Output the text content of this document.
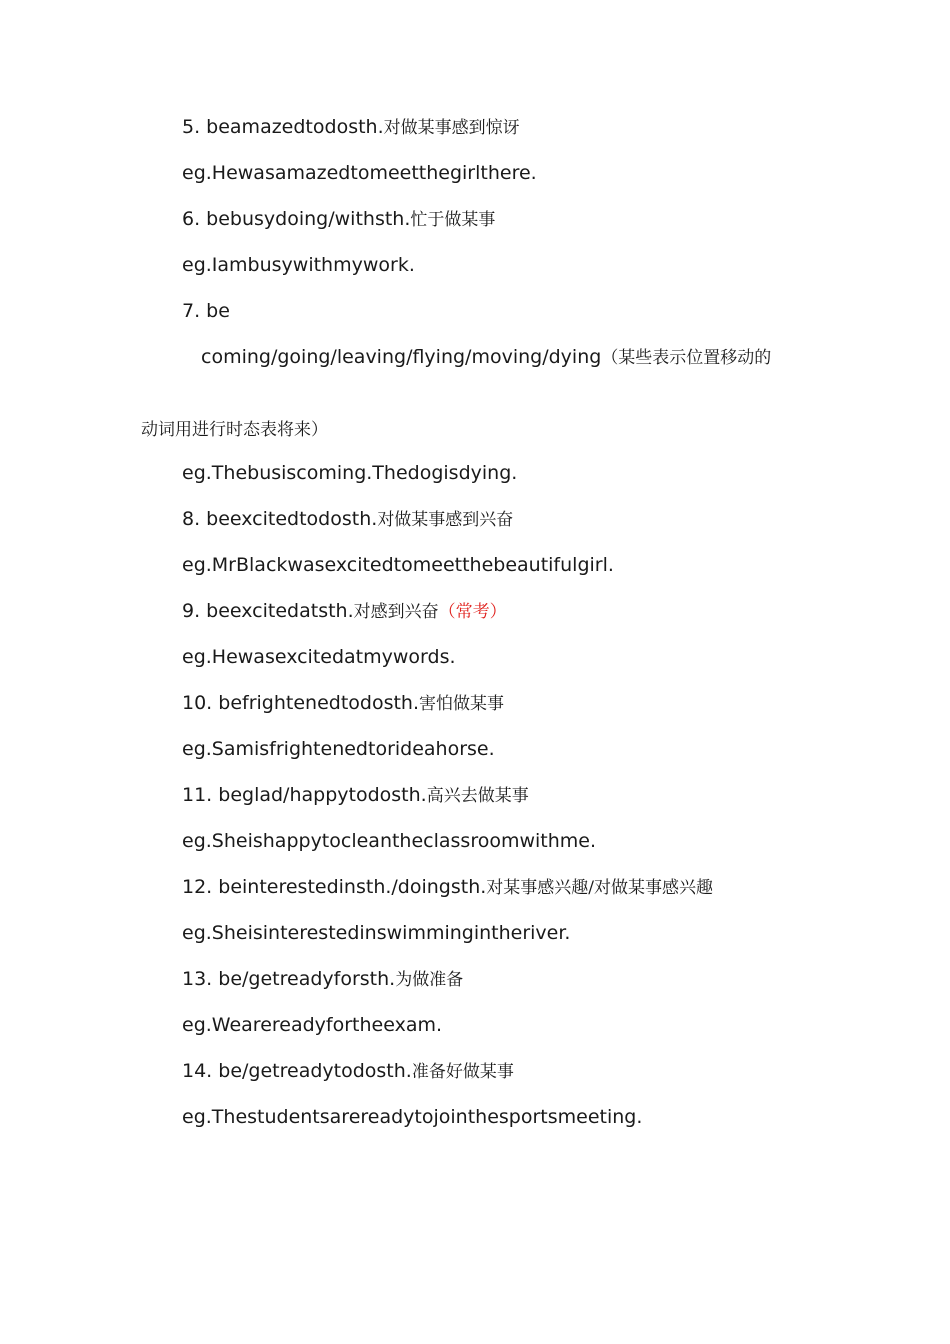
5. beamazedtodosth.对做某事感到惊讶
eg.Hewasamazedtomeetthegirlthere.
6. bebusydoing/withsth.忙于做某事
eg.Iambusywithmywork.
7. be
coming/going/leaving/flying/moving/dying（某些表示位置移动的
动词用进行时态表将来）
eg.Thebusiscoming.Thedogisdying.
8. beexcitedtodosth.对做某事感到兴奋
eg.MrBlackwasexcitedtomeetthebeautifulgirl.
9. beexcitedatsth.对感到兴奋（常考）
eg.Hewasexcitedatmywords.
10. befrightenedtodosth.害怕做某事
eg.Samisfrightenedtorideahorse.
11. beglad/happytodosth.高兴去做某事
eg.Sheishappytocleantheclassroomwithme.
12. beinterestedinsth./doingsth.对某事感兴趣/对做某事感兴趣
eg.Sheisinterestedinswimmingintheriver.
13. be/getreadyforsth.为做准备
eg.Wearereadyfortheexam.
14. be/getreadytodosth.准备好做某事
eg.Thestudentsarereadytojointhesportsmeeting.
